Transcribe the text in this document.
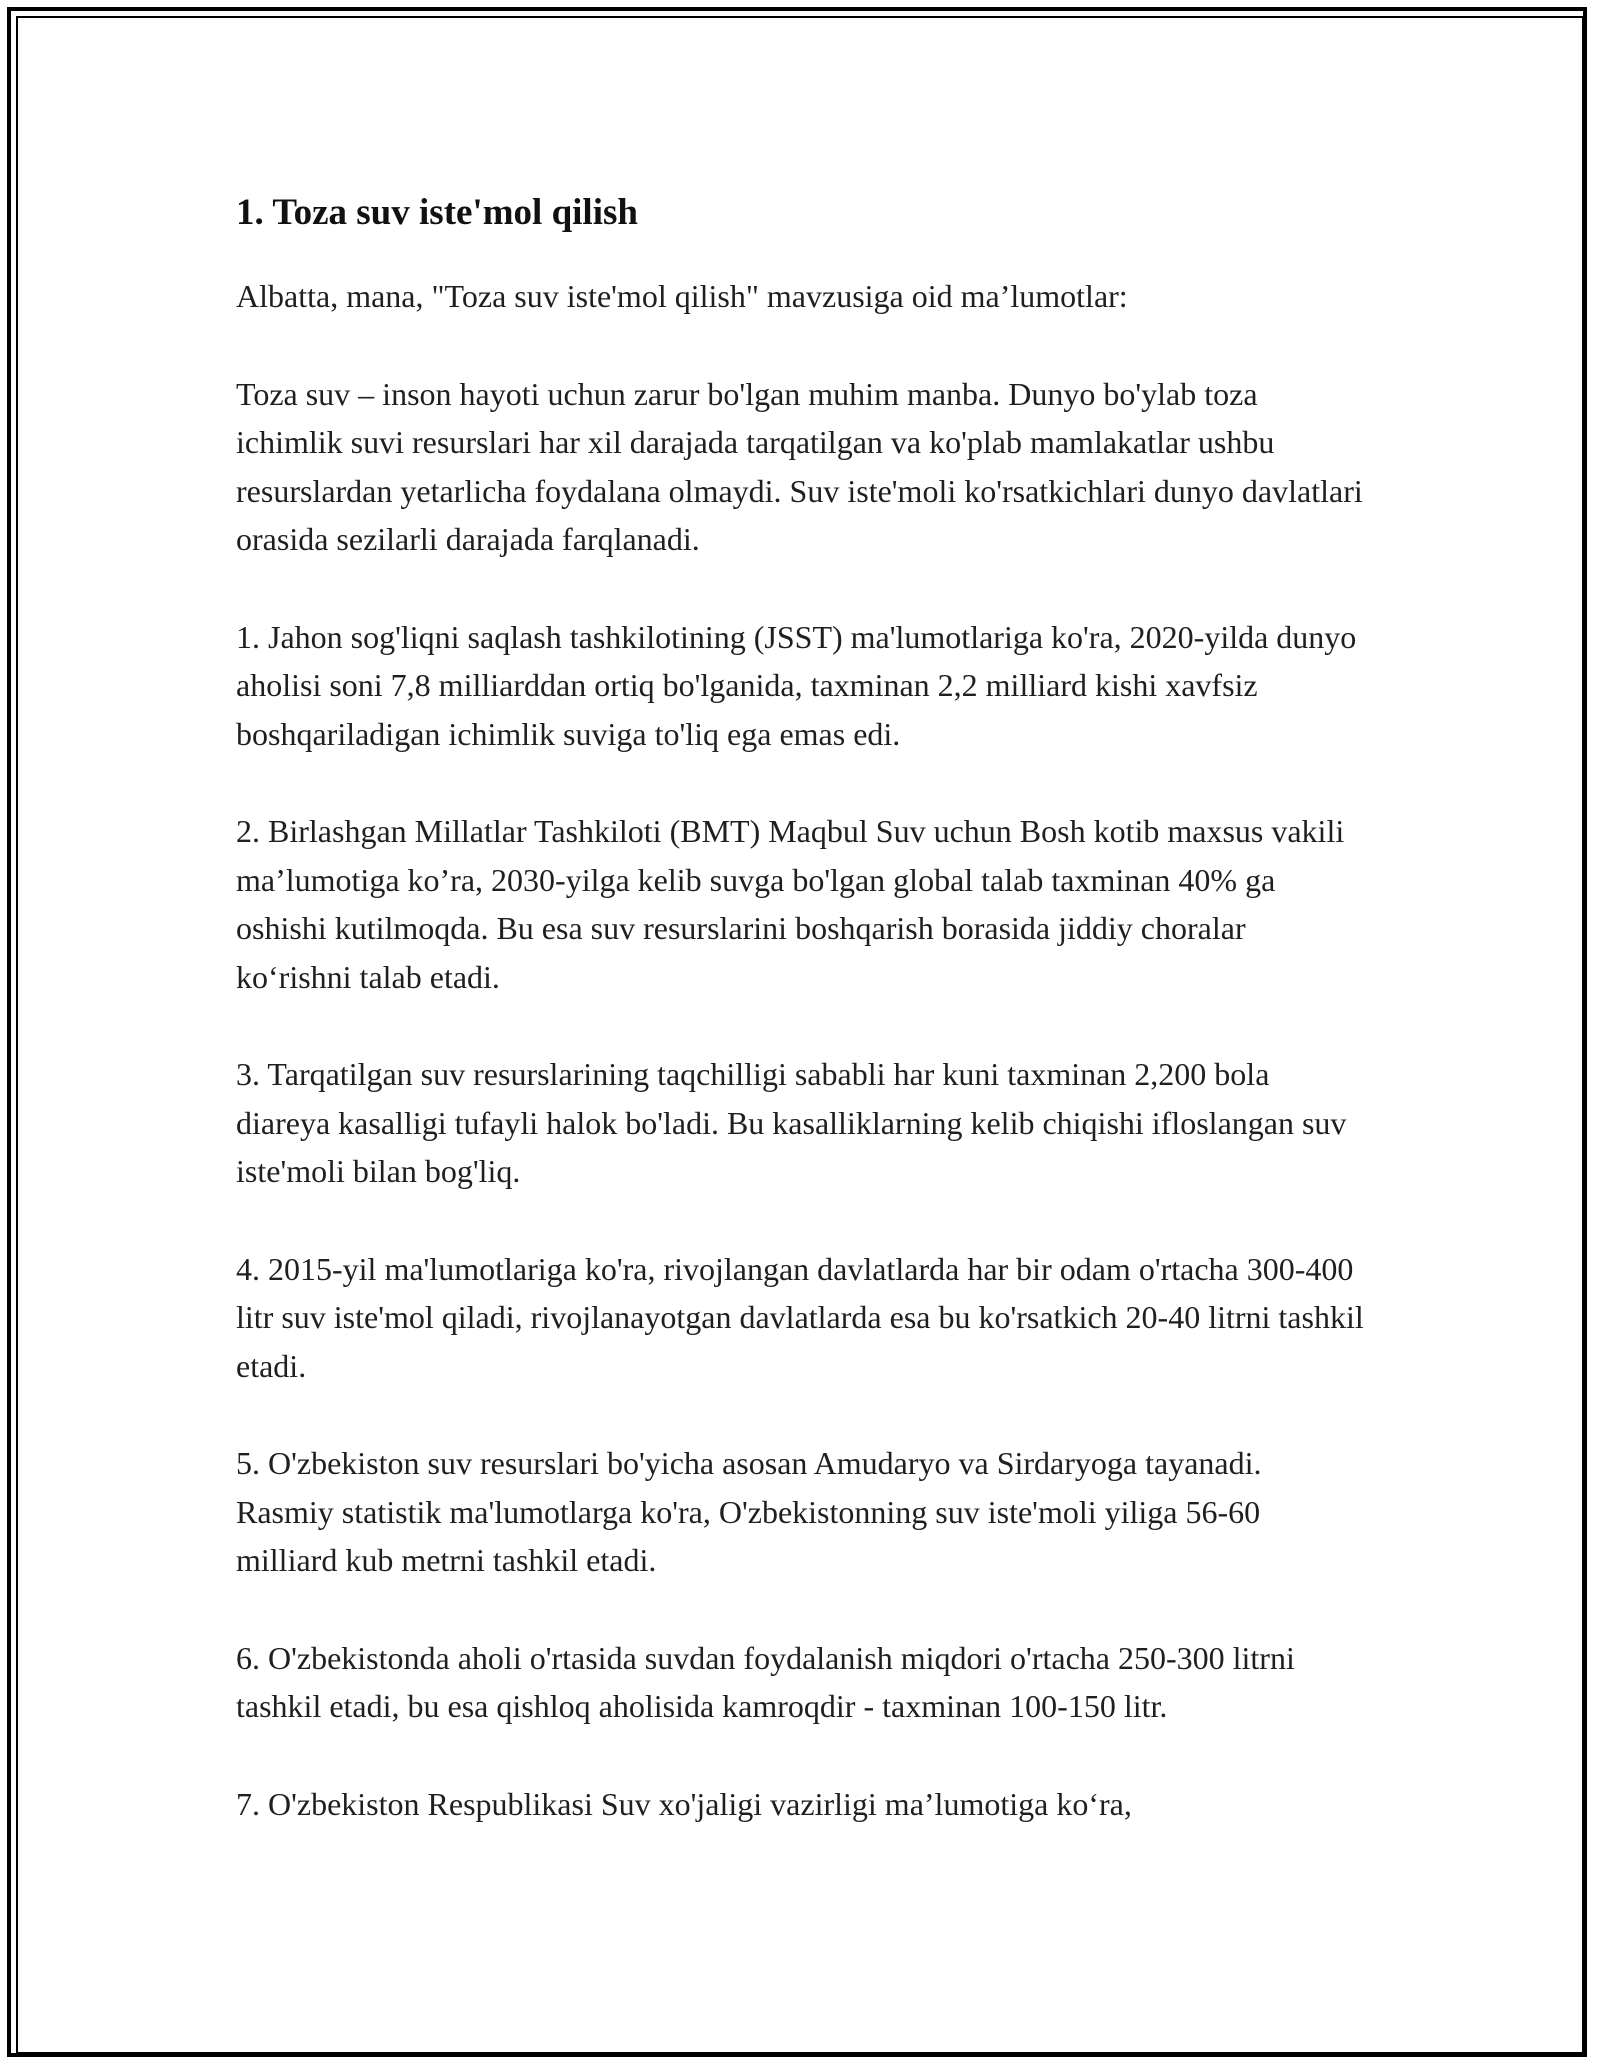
1. Toza suv iste'mol qilish

Albatta, mana, "Toza suv iste'mol qilish" mavzusiga oid ma’lumotlar:

Toza suv – inson hayoti uchun zarur bo'lgan muhim manba. Dunyo bo'ylab toza ichimlik suvi resurslari har xil darajada tarqatilgan va ko'plab mamlakatlar ushbu resurslardan yetarlicha foydalana olmaydi. Suv iste'moli ko'rsatkichlari dunyo davlatlari orasida sezilarli darajada farqlanadi.

1. Jahon sog'liqni saqlash tashkilotining (JSST) ma'lumotlariga ko'ra, 2020-yilda dunyo aholisi soni 7,8 milliarddan ortiq bo'lganida, taxminan 2,2 milliard kishi xavfsiz boshqariladigan ichimlik suviga to'liq ega emas edi.

2. Birlashgan Millatlar Tashkiloti (BMT) Maqbul Suv uchun Bosh kotib maxsus vakili ma’lumotiga ko’ra, 2030-yilga kelib suvga bo'lgan global talab taxminan 40% ga oshishi kutilmoqda. Bu esa suv resurslarini boshqarish borasida jiddiy choralar ko‘rishni talab etadi.

3. Tarqatilgan suv resurslarining taqchilligi sababli har kuni taxminan 2,200 bola diareya kasalligi tufayli halok bo'ladi. Bu kasalliklarning kelib chiqishi ifloslangan suv iste'moli bilan bog'liq.

4. 2015-yil ma'lumotlariga ko'ra, rivojlangan davlatlarda har bir odam o'rtacha 300-400 litr suv iste'mol qiladi, rivojlanayotgan davlatlarda esa bu ko'rsatkich 20-40 litrni tashkil etadi.

5. O'zbekiston suv resurslari bo'yicha asosan Amudaryo va Sirdaryoga tayanadi. Rasmiy statistik ma'lumotlarga ko'ra, O'zbekistonning suv iste'moli yiliga 56-60 milliard kub metrni tashkil etadi.

6. O'zbekistonda aholi o'rtasida suvdan foydalanish miqdori o'rtacha 250-300 litrni tashkil etadi, bu esa qishloq aholisida kamroqdir - taxminan 100-150 litr.

7. O'zbekiston Respublikasi Suv xo'jaligi vazirligi ma’lumotiga ko‘ra,
